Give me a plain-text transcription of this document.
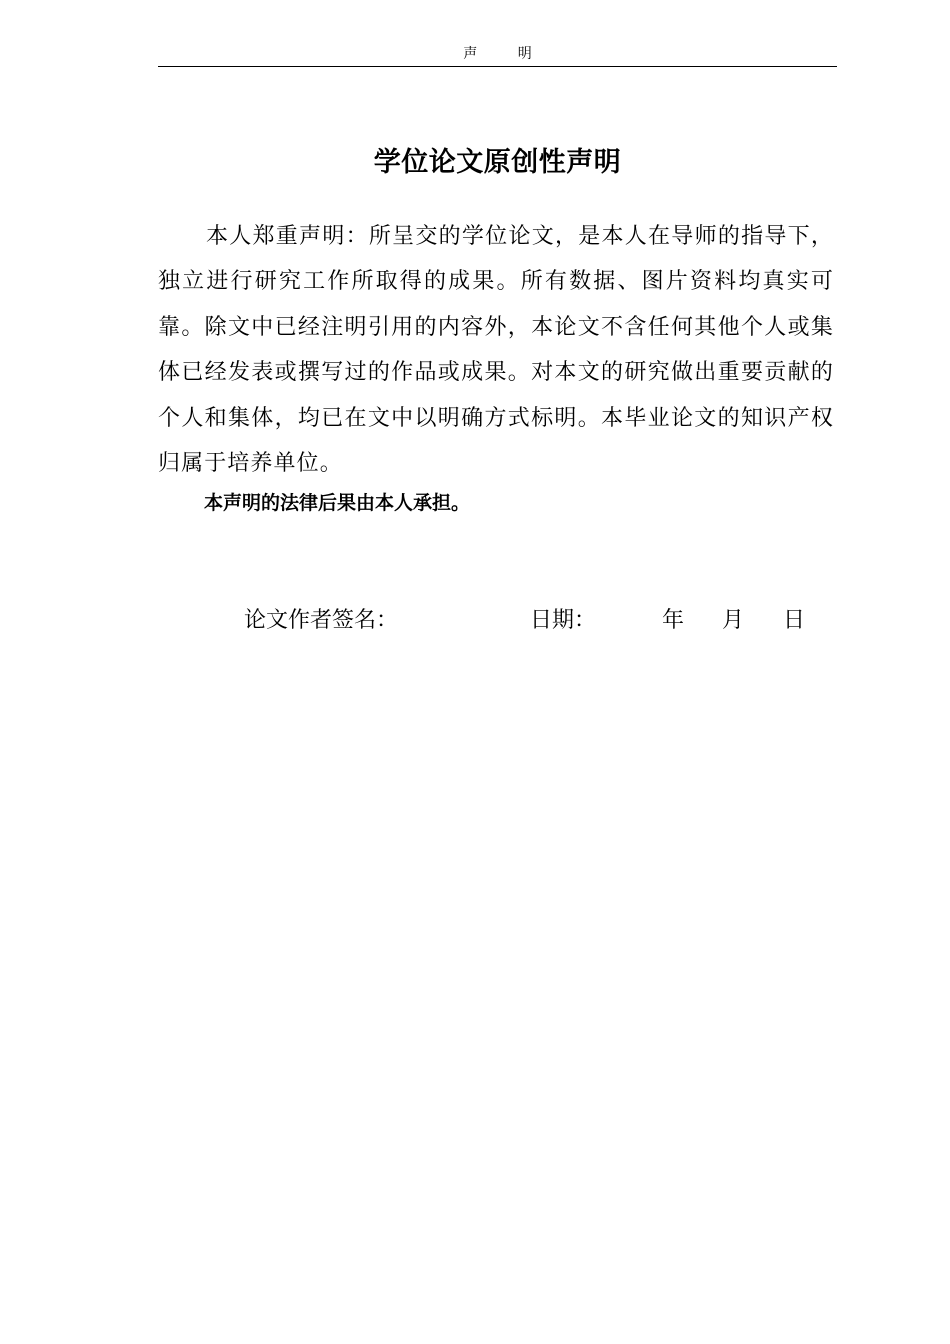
声 明
学位论文原创性声明

本人郑重声明：所呈交的学位论文，是本人在导师的指导下，独立进行研究工作所取得的成果。所有数据、图片资料均真实可靠。除文中已经注明引用的内容外，本论文不含任何其他个人或集体已经发表或撰写过的作品或成果。对本文的研究做出重要贡献的个人和集体，均已在文中以明确方式标明。本毕业论文的知识产权归属于培养单位。

本声明的法律后果由本人承担。

论文作者签名：	日期：	年 月 日
